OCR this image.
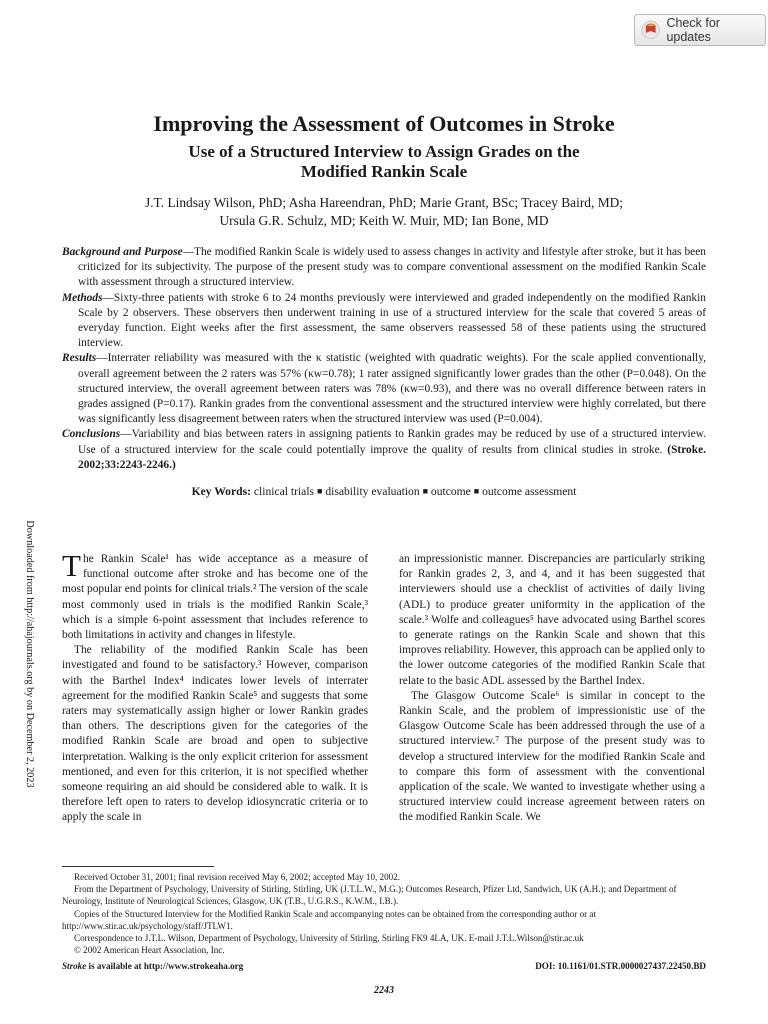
Check for updates
Improving the Assessment of Outcomes in Stroke
Use of a Structured Interview to Assign Grades on the
Modified Rankin Scale
J.T. Lindsay Wilson, PhD; Asha Hareendran, PhD; Marie Grant, BSc; Tracey Baird, MD;
Ursula G.R. Schulz, MD; Keith W. Muir, MD; Ian Bone, MD

Background and Purpose—The modified Rankin Scale is widely used to assess changes in activity and lifestyle after stroke, but it has been criticized for its subjectivity. The purpose of the present study was to compare conventional assessment on the modified Rankin Scale with assessment through a structured interview.

Methods—Sixty-three patients with stroke 6 to 24 months previously were interviewed and graded independently on the modified Rankin Scale by 2 observers. These observers then underwent training in use of a structured interview for the scale that covered 5 areas of everyday function. Eight weeks after the first assessment, the same observers reassessed 58 of these patients using the structured interview.

Results—Interrater reliability was measured with the κ statistic (weighted with quadratic weights). For the scale applied conventionally, overall agreement between the 2 raters was 57% (κw=0.78); 1 rater assigned significantly lower grades than the other (P=0.048). On the structured interview, the overall agreement between raters was 78% (κw=0.93), and there was no overall difference between raters in grades assigned (P=0.17). Rankin grades from the conventional assessment and the structured interview were highly correlated, but there was significantly less disagreement between raters when the structured interview was used (P=0.004).

Conclusions—Variability and bias between raters in assigning patients to Rankin grades may be reduced by use of a structured interview. Use of a structured interview for the scale could potentially improve the quality of results from clinical studies in stroke. (Stroke. 2002;33:2243-2246.)

Key Words: clinical trials ■ disability evaluation ■ outcome ■ outcome assessment
Downloaded from http://ahajournals.org by on December 2, 2023 The Rankin Scale¹ has wide acceptance as a measure of functional outcome after stroke and has become one of the most popular end points for clinical trials.² The version of the scale most commonly used in trials is the modified Rankin Scale,³ which is a simple 6-point assessment that includes reference to both limitations in activity and changes in lifestyle.

The reliability of the modified Rankin Scale has been investigated and found to be satisfactory.³ However, comparison with the Barthel Index⁴ indicates lower levels of interrater agreement for the modified Rankin Scale⁵ and suggests that some raters may systematically assign higher or lower Rankin grades than others. The descriptions given for the categories of the modified Rankin Scale are broad and open to subjective interpretation. Walking is the only explicit criterion for assessment mentioned, and even for this criterion, it is not specified whether someone requiring an aid should be considered able to walk. It is therefore left open to raters to develop idiosyncratic criteria or to apply the scale in

an impressionistic manner. Discrepancies are particularly striking for Rankin grades 2, 3, and 4, and it has been suggested that interviewers should use a checklist of activities of daily living (ADL) to produce greater uniformity in the application of the scale.³ Wolfe and colleagues⁵ have advocated using Barthel scores to generate ratings on the Rankin Scale and shown that this improves reliability. However, this approach can be applied only to the lower outcome categories of the modified Rankin Scale that relate to the basic ADL assessed by the Barthel Index.

The Glasgow Outcome Scale⁶ is similar in concept to the Rankin Scale, and the problem of impressionistic use of the Glasgow Outcome Scale has been addressed through the use of a structured interview.⁷ The purpose of the present study was to develop a structured interview for the modified Rankin Scale and to compare this form of assessment with the conventional application of the scale. We wanted to investigate whether using a structured interview could increase agreement between raters on the modified Rankin Scale. We

Received October 31, 2001; final revision received May 6, 2002; accepted May 10, 2002.

From the Department of Psychology, University of Stirling, Stirling, UK (J.T.L.W., M.G.); Outcomes Research, Pfizer Ltd, Sandwich, UK (A.H.); and Department of Neurology, Institute of Neurological Sciences, Glasgow, UK (T.B., U.G.R.S., K.W.M., I.B.).

Copies of the Structured Interview for the Modified Rankin Scale and accompanying notes can be obtained from the corresponding author or at http://www.stir.ac.uk/psychology/staff/JTLW1.

Correspondence to J.T.L. Wilson, Department of Psychology, University of Stirling, Stirling FK9 4LA, UK. E-mail J.T.L.Wilson@stir.ac.uk

© 2002 American Heart Association, Inc.

Stroke is available at http://www.strokeaha.org	DOI: 10.1161/01.STR.0000027437.22450.BD
2243
